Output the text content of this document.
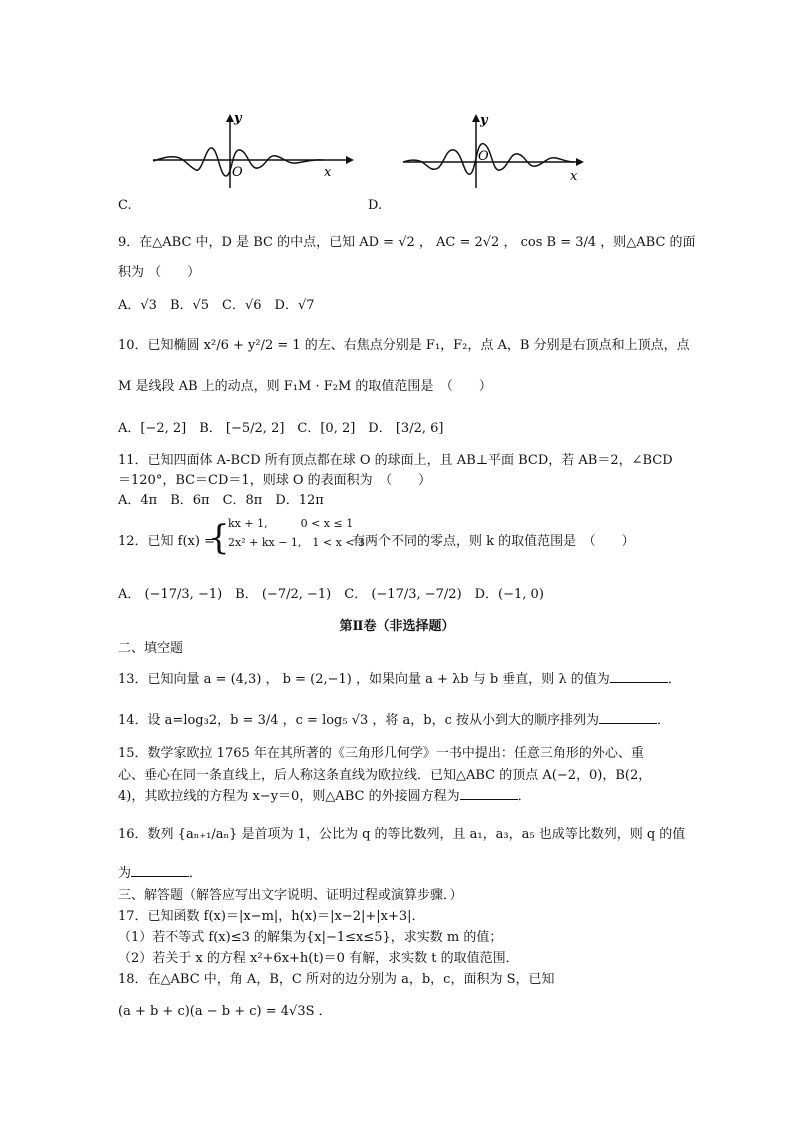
y
x
O
y
x
O
C.	D.
9．在△ABC 中，D 是 BC 的中点，已知 AD = √2 ， AC = 2√2 ， cos B = 3/4 ，则△ABC 的面
积为 （　　）
A．√3　B．√5　C．√6　D．√7
10．已知椭圆 x²/6 + y²/2 = 1 的左、右焦点分别是 F₁，F₂，点 A，B 分别是右顶点和上顶点，点
M 是线段 AB 上的动点，则 F₁M · F₂M 的取值范围是　（　　）
A．[−2, 2]　B． [−5/2, 2]　C．[0, 2]　D． [3/2, 6]
11．已知四面体 A-BCD 所有顶点都在球 O 的球面上，且 AB⊥平面 BCD，若 AB＝2，∠BCD
＝120°，BC＝CD＝1，则球 O 的表面积为　（　　）
A．4π　B．6π　C．8π　D．12π
12．已知 f(x) =
{
kx + 1,　　　0 < x ≤ 1
2x² + kx − 1,　1 < x < 3
有两个不同的零点，则 k 的取值范围是　（　　）
A． (−17/3, −1)　B． (−7/2, −1)　C． (−17/3, −7/2)　D．(−1, 0)
第Ⅱ卷（非选择题）
二、填空题
13．已知向量 a = (4,3) ， b = (2,−1) ，如果向量 a + λb 与 b 垂直，则 λ 的值为	．
14．设 a=log₃2，b = 3/4 ，c = log₅ √3 ，将 a，b，c 按从小到大的顺序排列为	．
15．数学家欧拉 1765 年在其所著的《三角形几何学》一书中提出：任意三角形的外心、重
心、垂心在同一条直线上，后人称这条直线为欧拉线．已知△ABC 的顶点 A(−2，0)，B(2，
4)，其欧拉线的方程为 x−y＝0，则△ABC 的外接圆方程为	．
16．数列 {aₙ₊₁/aₙ} 是首项为 1，公比为 q 的等比数列，且 a₁，a₃，a₅ 也成等比数列，则 q 的值
为	．
三、解答题（解答应写出文字说明、证明过程或演算步骤．）
17．已知函数 f(x)＝|x−m|，h(x)＝|x−2|+|x+3|．
（1）若不等式 f(x)≤3 的解集为{x|−1≤x≤5}，求实数 m 的值；
（2）若关于 x 的方程 x²+6x+h(t)＝0 有解，求实数 t 的取值范围．
18．在△ABC 中，角 A，B，C 所对的边分别为 a，b，c，面积为 S，已知
(a + b + c)(a − b + c) = 4√3S ．
